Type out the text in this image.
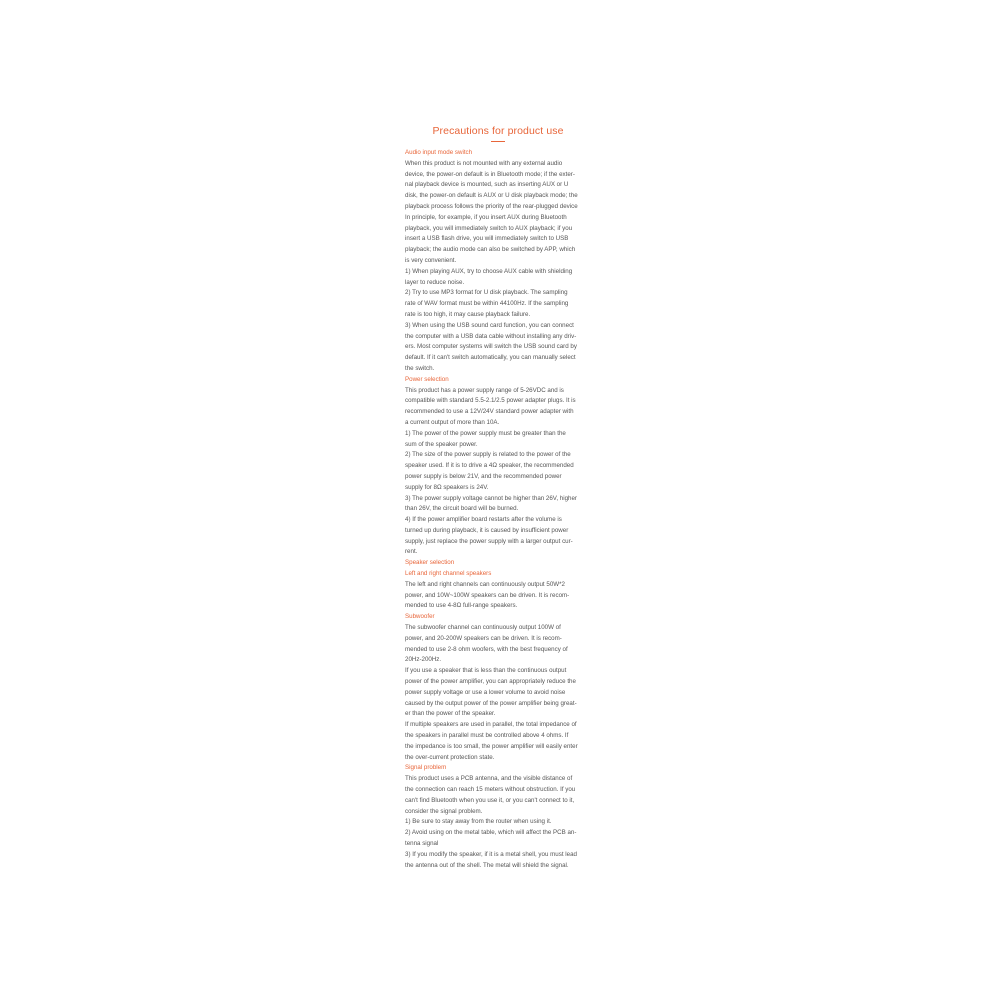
Precautions for product use
Audio input mode switch
When this product is not mounted with any external audio
device, the power-on default is in Bluetooth mode; if the exter-
nal playback device is mounted, such as inserting AUX or U
disk, the power-on default is AUX or U disk playback mode; the
playback process follows the priority of the rear-plugged device
In principle, for example, if you insert AUX during Bluetooth
playback, you will immediately switch to AUX playback; if you
insert a USB flash drive, you will immediately switch to USB
playback; the audio mode can also be switched by APP, which
is very convenient.
1) When playing AUX, try to choose AUX cable with shielding
layer to reduce noise.
2) Try to use MP3 format for U disk playback. The sampling
rate of WAV format must be within 44100Hz. If the sampling
rate is too high, it may cause playback failure.
3) When using the USB sound card function, you can connect
the computer with a USB data cable without installing any driv-
ers. Most computer systems will switch the USB sound card by
default. If it can't switch automatically, you can manually select
the switch.
Power selection
This product has a power supply range of 5-26VDC and is
compatible with standard 5.5-2.1/2.5 power adapter plugs. It is
recommended to use a 12V/24V standard power adapter with
a current output of more than 10A.
1) The power of the power supply must be greater than the
sum of the speaker power.
2) The size of the power supply is related to the power of the
speaker used. If it is to drive a 4Ω speaker, the recommended
power supply is below 21V, and the recommended power
supply for 8Ω speakers is 24V.
3) The power supply voltage cannot be higher than 26V, higher
than 26V, the circuit board will be burned.
4) If the power amplifier board restarts after the volume is
turned up during playback, it is caused by insufficient power
supply, just replace the power supply with a larger output cur-
rent.
Speaker selection
Left and right channel speakers
The left and right channels can continuously output 50W*2
power, and 10W~100W speakers can be driven. It is recom-
mended to use 4-8Ω full-range speakers.
Subwoofer
The subwoofer channel can continuously output 100W of
power, and 20-200W speakers can be driven. It is recom-
mended to use 2-8 ohm woofers, with the best frequency of
20Hz-200Hz.
If you use a speaker that is less than the continuous output
power of the power amplifier, you can appropriately reduce the
power supply voltage or use a lower volume to avoid noise
caused by the output power of the power amplifier being great-
er than the power of the speaker.
If multiple speakers are used in parallel, the total impedance of
the speakers in parallel must be controlled above 4 ohms. If
the impedance is too small, the power amplifier will easily enter
the over-current protection state.
Signal problem
This product uses a PCB antenna, and the visible distance of
the connection can reach 15 meters without obstruction. If you
can't find Bluetooth when you use it, or you can't connect to it,
consider the signal problem.
1) Be sure to stay away from the router when using it.
2) Avoid using on the metal table, which will affect the PCB an-
tenna signal
3) If you modify the speaker, if it is a metal shell, you must lead
the antenna out of the shell. The metal will shield the signal.
